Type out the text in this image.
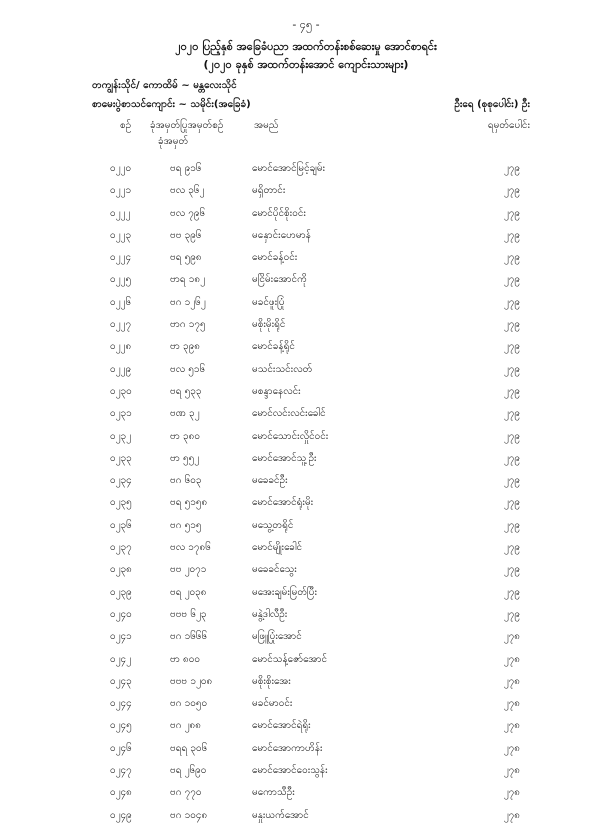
- ၄၅ -
၂၀၂၀ ပြည့်နှစ် အခြေခံပညာ အထက်တန်းစစ်ဆေးမှု အောင်စာရင်း
(၂၀၂၀ ခုနှစ် အထက်တန်းအောင် ကျောင်းသားများ)
တကျွန်းသိုင်/ ကောထိမ် ~ မန္တလေးသိုင်
စာမေးပွဲစာသင်ကျောင်း ~ သမိုင်း(အခြေခံ)	ဦးရေ (စုစုပေါင်း) ဦး
စဉ် ခုံအမှတ်ပြုအမှတ်စဉ်
ခုံအမှတ်
အမည်	ရမှတ်ပေါင်း
၀၂၂၀	ဗရ ၉၁၆	မောင်အောင်မြင့်ချမ်း	၂၇၉
၀၂၂၁	ဗလ ၃၆၂	မရှိတာင်း	၂၇၉
၀၂၂၂	ဗလ ၇၉၆	မောင်ပိုင်စိုးဝင်း	၂၇၉
၀၂၂၃	ဗဗ ၃၉၆	မနှောင်းဟေမာန်	၂၇၉
၀၂၂၄	ဗရ ၅၉၈	မောင်ခန့်ဝင်း	၂၇၉
၀၂၂၅	ဗာရ ၁၈၂	မငြိမ်းအောင်ကို	၂၇၉
၀၂၂၆	ဗဂ ၁၂၆၂	မခင်ဖူးပြုံ	၂၇၉
၀၂၂၇	ဗာဂ ၁၇၅	မစိုးမိုးရိုင်	၂၇၉
၀၂၂၈	ဗာ ၃၉၈	မောင်ခန့်ရိုင်	၂၇၉
၀၂၂၉	ဗလ ၅၁၆	မသင်းသင်းလတ်	၂၇၉
၀၂၃၀	ဗရ ၅၃၃	မစန္ဒာနေလင်း	၂၇၉
၀၂၃၁	ဗဏ ၃၂	မောင်လင်းလင်းခေါင်	၂၇၉
၀၂၃၂	ဗာ ၃၈၀	မောင်သောင်းလှိုင်ဝင်း	၂၇၉
၀၂၃၃	ဗာ ၅၅၂	မောင်အောင်သူ့ဦး	၂၇၉
၀၂၃၄	ဗဂ ၆၀၃	မခေခင်ဦး	၂၇၉
၀၂၃၅	ဗရ ၅၁၅၈	မောင်အောင်ရုံးမိုး	၂၇၉
၀၂၃၆	ဗဂ ၅၁၅	မသွေ့တရိုင်	၂၇၉
၀၂၃၇	ဗလ ၁၇၈၆	မောင်မျိုးခေါင်	၂၇၉
၀၂၃၈	ဗဗ ၂၀၇၁	မခေခင်သွေး	၂၇၉
၀၂၃၉	ဗရ ၂၀၃၈	မအေးချမ်းမြတ်ပြီး	၂၇၉
၀၂၄၀	ဗဗဗ ၆၂၃	မနွဲ့ဒါလီဦး	၂၇၉
၀၂၄၁	ဗဂ ၁၆၆၆	မဖြူပြုံးအောင်	၂၇၈
၀၂၄၂	ဗာ ၈၀၀	မောင်သန့်ဇော်အောင်	၂၇၈
၀၂၄၃	ဗဗဗ ၁၂၀၈	မစိုးစိုးအေး	၂၇၈
၀၂၄၄	ဗဂ ၁၀၅၀	မခင်မာဝင်း	၂၇၈
၀၂၄၅	ဗဂ ၂၈၈	မောင်အောင်ရဲရိုး	၂၇၈
၀၂၄၆	ဗရရ ၃၀၆	မောင်အောကာဟိန်း	၂၇၈
၀၂၄၇	ဗရ ၂၆၉၀	မောင်အောင်ဝေးသွန်း	၂၇၈
၀၂၄၈	ဗဂ ၇၇၀	မကောသီဦး	၂၇၈
၀၂၄၉	ဗဂ ၁၀၄၈	မနှုးယက်အောင်	၂၇၈
